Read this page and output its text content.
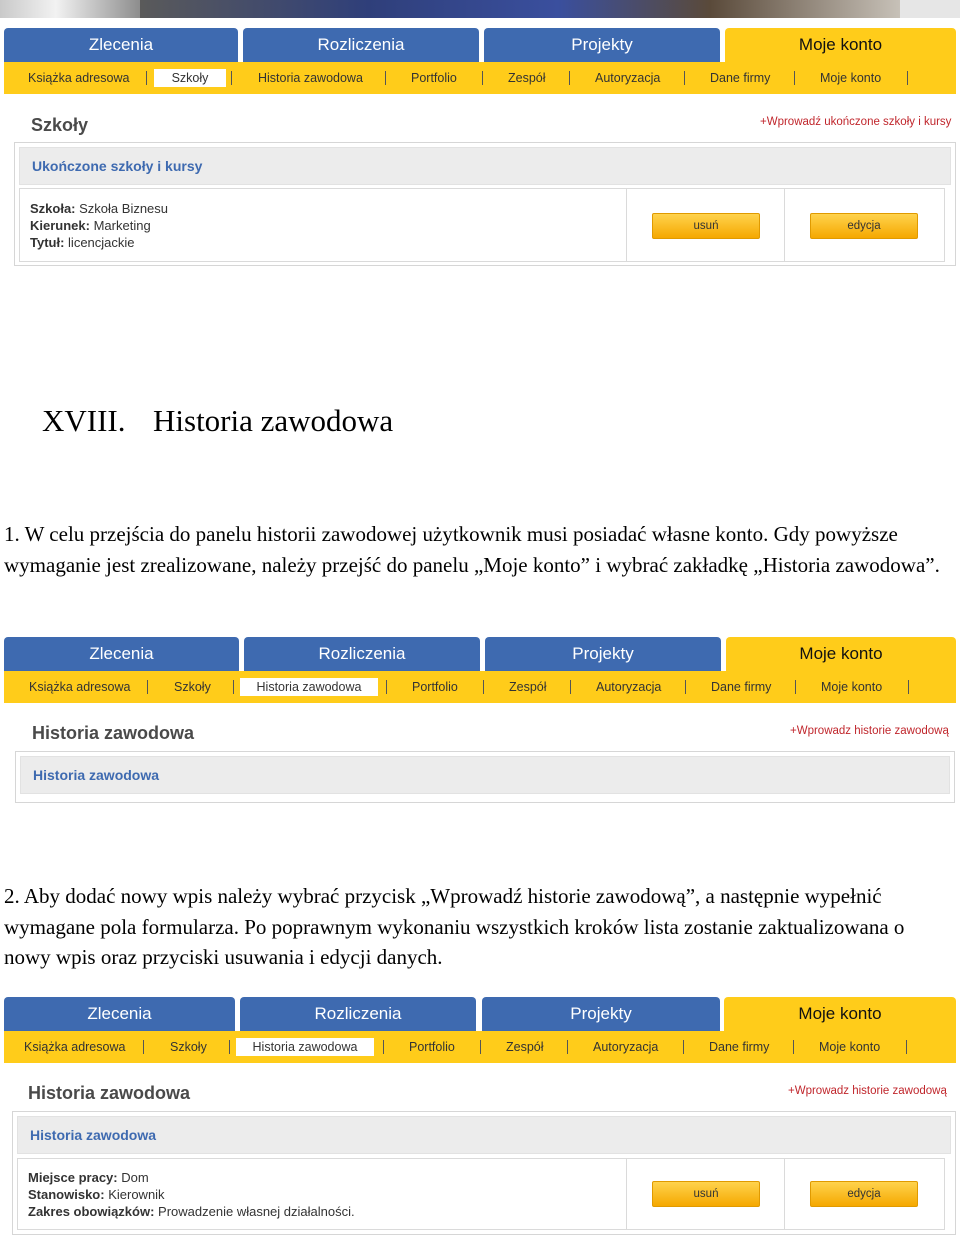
Zlecenia	Rozliczenia	Projekty	Moje konto
Książka adresowa	Szkoły	Historia zawodowa	Portfolio	Zespół	Autoryzacja	Dane firmy	Moje konto
Szkoły	+Wprowadź ukończone szkoły i kursy
Ukończone szkoły i kursy
Szkoła: Szkoła Biznesu
Kierunek: Marketing
Tytuł: licencjackie
usuń	edycja
XVIII. Historia zawodowa
1. W celu przejścia do panelu historii zawodowej użytkownik musi posiadać własne konto. Gdy powyższe wymaganie jest zrealizowane, należy przejść do panelu „Moje konto” i wybrać zakładkę „Historia zawodowa”.
Zlecenia	Rozliczenia	Projekty	Moje konto
Książka adresowa	Szkoły	Historia zawodowa	Portfolio	Zespół	Autoryzacja	Dane firmy	Moje konto
Historia zawodowa	+Wprowadz historie zawodową
Historia zawodowa
2. Aby dodać nowy wpis należy wybrać przycisk „Wprowadź historie zawodową”, a następnie wypełnić wymagane pola formularza. Po poprawnym wykonaniu wszystkich kroków lista zostanie zaktualizowana o nowy wpis oraz przyciski usuwania i edycji danych.
Zlecenia	Rozliczenia	Projekty	Moje konto
Książka adresowa	Szkoły	Historia zawodowa	Portfolio	Zespół	Autoryzacja	Dane firmy	Moje konto
Historia zawodowa	+Wprowadz historie zawodową
Historia zawodowa
Miejsce pracy: Dom
Stanowisko: Kierownik
Zakres obowiązków: Prowadzenie własnej działalności.
usuń	edycja
